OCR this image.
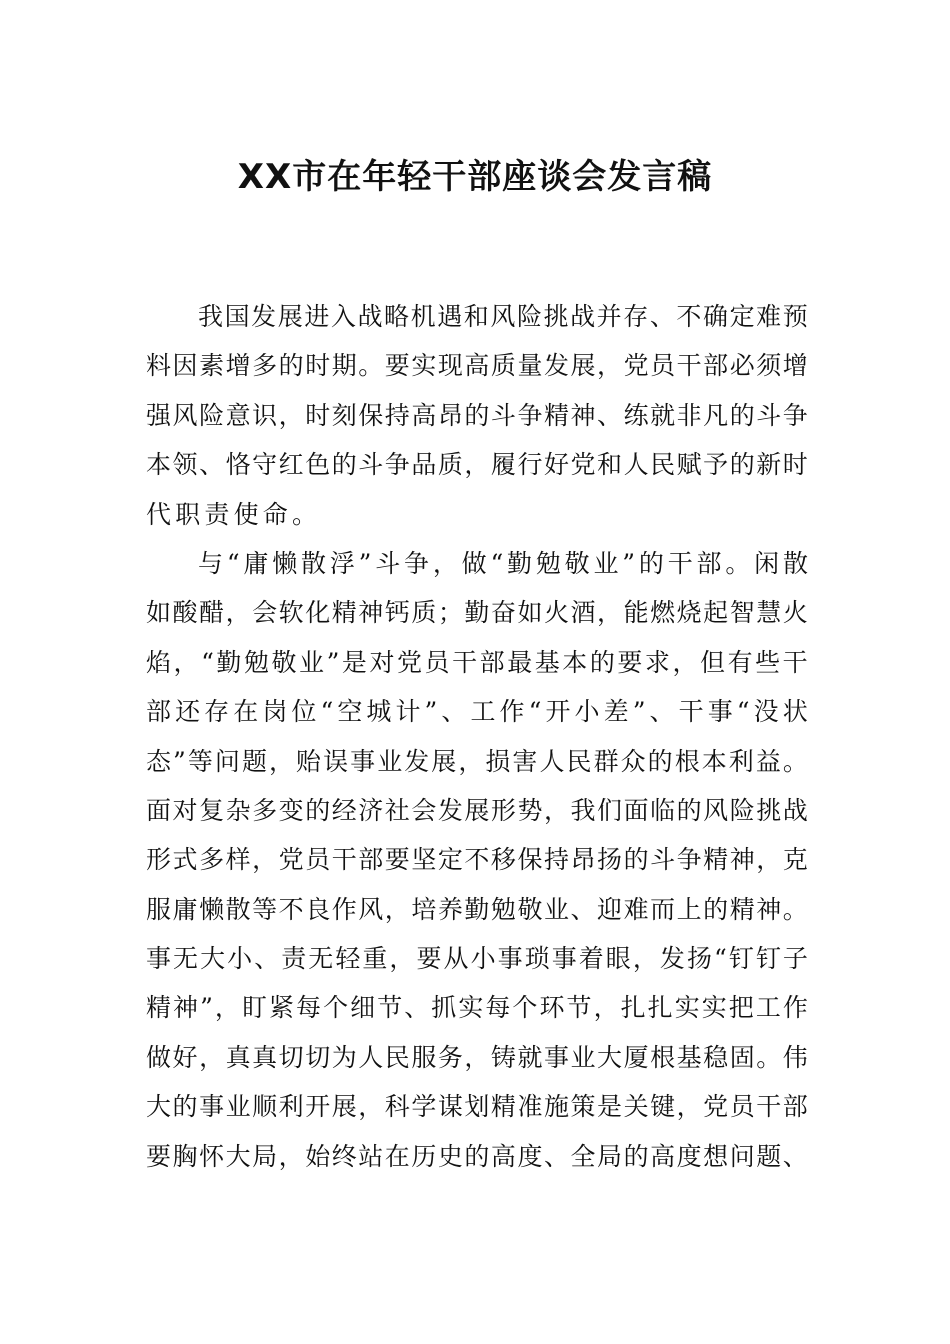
XX市在年轻干部座谈会发言稿
我 国 发 展 进 入 战 略 机 遇 和 风 险 挑 战 并 存 、 不 确 定 难 预
料 因 素 增 多 的 时 期 。 要 实 现 高 质 量 发 展 ， 党 员 干 部 必 须 增
强 风 险 意 识 ， 时 刻 保 持 高 昂 的 斗 争 精 神 、 练 就 非 凡 的 斗 争
本 领 、 恪 守 红 色 的 斗 争 品 质 ， 履 行 好 党 和 人 民 赋 予 的 新 时
代职责使命。
与 “ 庸 懒 散 浮 ” 斗 争 ， 做 “ 勤 勉 敬 业 ” 的 干 部 。 闲 散
如 酸 醋 ， 会 软 化 精 神 钙 质 ； 勤 奋 如 火 酒 ， 能 燃 烧 起 智 慧 火
焰 ， “ 勤 勉 敬 业 ” 是 对 党 员 干 部 最 基 本 的 要 求 ， 但 有 些 干
部 还 存 在 岗 位 “ 空 城 计 ” 、 工 作 “ 开 小 差 ” 、 干 事 “ 没 状
态 ” 等 问 题 ， 贻 误 事 业 发 展 ， 损 害 人 民 群 众 的 根 本 利 益 。
面 对 复 杂 多 变 的 经 济 社 会 发 展 形 势 ， 我 们 面 临 的 风 险 挑 战
形 式 多 样 ， 党 员 干 部 要 坚 定 不 移 保 持 昂 扬 的 斗 争 精 神 ， 克
服 庸 懒 散 等 不 良 作 风 ， 培 养 勤 勉 敬 业 、 迎 难 而 上 的 精 神 。
事 无 大 小 、 责 无 轻 重 ， 要 从 小 事 琐 事 着 眼 ， 发 扬 “ 钉 钉 子
精 神 ” ， 盯 紧 每 个 细 节 、 抓 实 每 个 环 节 ， 扎 扎 实 实 把 工 作
做 好 ， 真 真 切 切 为 人 民 服 务 ， 铸 就 事 业 大 厦 根 基 稳 固 。 伟
大 的 事 业 顺 利 开 展 ， 科 学 谋 划 精 准 施 策 是 关 键 ， 党 员 干 部
要 胸 怀 大 局 ， 始 终 站 在 历 史 的 高 度 、 全 局 的 高 度 想 问 题 、
